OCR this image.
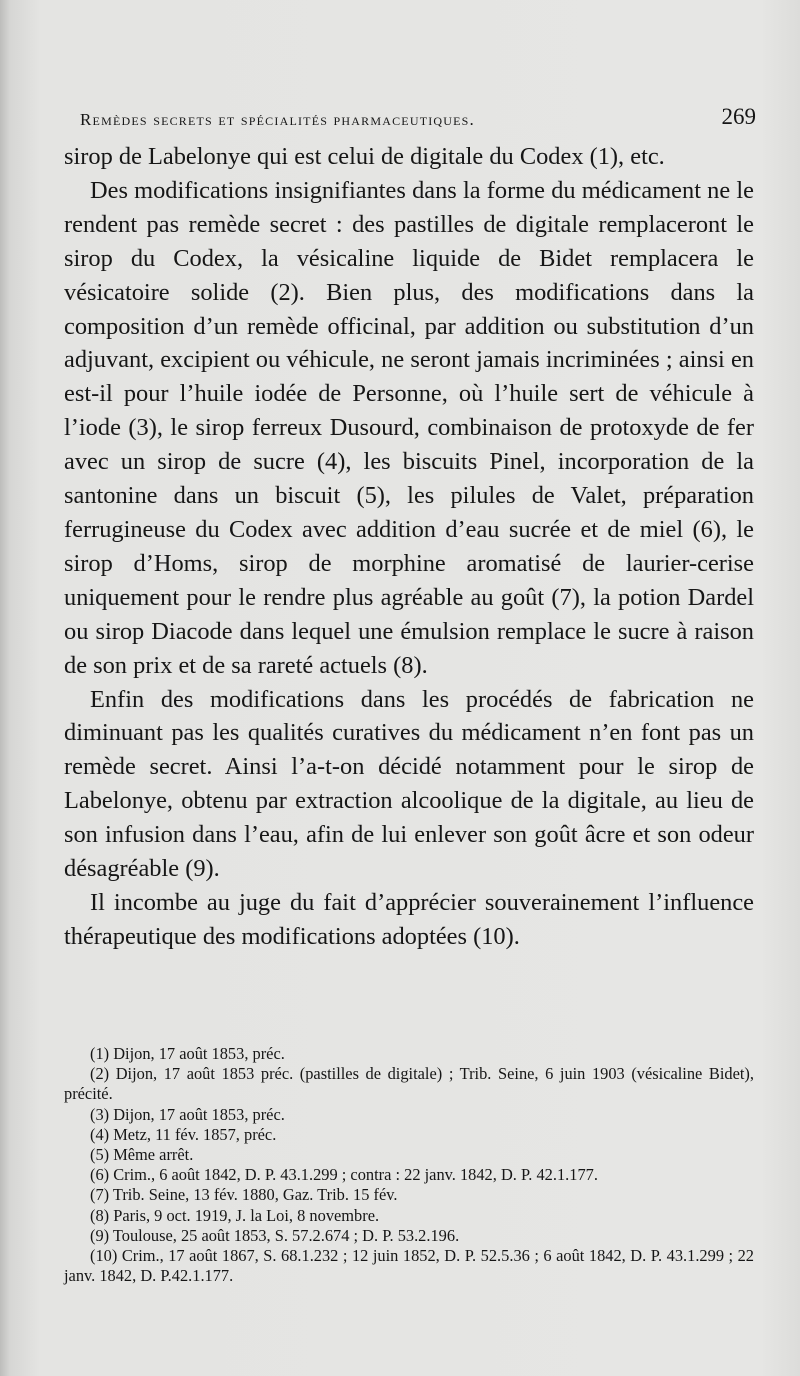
Remèdes secrets et spécialités pharmaceutiques.	269

sirop de Labelonye qui est celui de digitale du Codex (1), etc.

Des modifications insignifiantes dans la forme du médicament ne le rendent pas remède secret : des pastilles de digitale remplaceront le sirop du Codex, la vésicaline liquide de Bidet remplacera le vésicatoire solide (2). Bien plus, des modifications dans la composition d’un remède officinal, par addition ou substitution d’un adjuvant, excipient ou véhicule, ne seront jamais incriminées ; ainsi en est-il pour l’huile iodée de Personne, où l’huile sert de véhicule à l’iode (3), le sirop ferreux Dusourd, combinaison de protoxyde de fer avec un sirop de sucre (4), les biscuits Pinel, incorporation de la santonine dans un biscuit (5), les pilules de Valet, préparation ferrugineuse du Codex avec addition d’eau sucrée et de miel (6), le sirop d’Homs, sirop de morphine aromatisé de laurier-cerise uniquement pour le rendre plus agréable au goût (7), la potion Dardel ou sirop Diacode dans lequel une émulsion remplace le sucre à raison de son prix et de sa rareté actuels (8).

Enfin des modifications dans les procédés de fabrication ne diminuant pas les qualités curatives du médicament n’en font pas un remède secret. Ainsi l’a-t-on décidé notamment pour le sirop de Labelonye, obtenu par extraction alcoolique de la digitale, au lieu de son infusion dans l’eau, afin de lui enlever son goût âcre et son odeur désagréable (9).

Il incombe au juge du fait d’apprécier souverainement l’influence thérapeutique des modifications adoptées (10).

(1) Dijon, 17 août 1853, préc.
(2) Dijon, 17 août 1853 préc. (pastilles de digitale) ; Trib. Seine, 6 juin 1903 (vésicaline Bidet), précité.
(3) Dijon, 17 août 1853, préc.
(4) Metz, 11 fév. 1857, préc.
(5) Même arrêt.
(6) Crim., 6 août 1842, D. P. 43.1.299 ; contra : 22 janv. 1842, D. P. 42.1.177.
(7) Trib. Seine, 13 fév. 1880, Gaz. Trib. 15 fév.
(8) Paris, 9 oct. 1919, J. la Loi, 8 novembre.
(9) Toulouse, 25 août 1853, S. 57.2.674 ; D. P. 53.2.196.
(10) Crim., 17 août 1867, S. 68.1.232 ; 12 juin 1852, D. P. 52.5.36 ; 6 août 1842, D. P. 43.1.299 ; 22 janv. 1842, D. P.42.1.177.
